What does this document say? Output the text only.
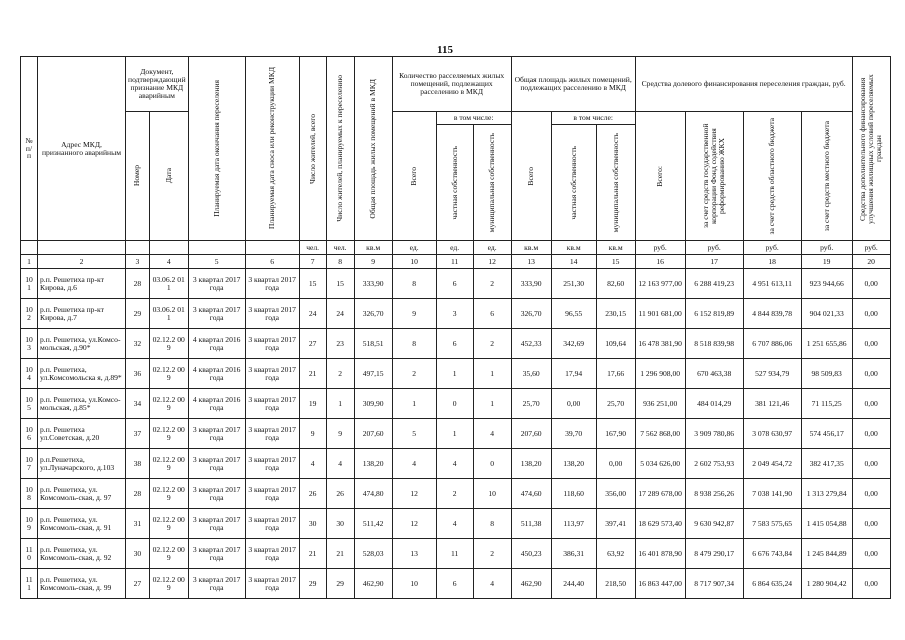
115

№ п/ п	Адрес МКД, признанного аварийным	Документ, подтверждающий признание МКД аварийным		Планируемая дата окончания переселения	Планируемая дата сноса или реконструкции МКД	Число жителей, всего	Число жителей, планируемых к переселению	Общая площадь жилых помещений в МКД	Количество расселяемых жилых помещений, подлежащих расселению в МКД			Общая площадь жилых помещений, подлежащих расселению в МКД			Средства долевого финансирования переселения граждан, руб.				Средства дополнительного финансирования улучшения жилищных условий переселяемых граждан

		Номер	Дата						Всего	в том числе:		Всего	в том числе:		Всего:	за счет средств государственной корпорации Фонд содействия реформированию ЖКХ	за счет средств областного бюджета	за счет средств местного бюджета	

										частная собственность	муниципальная собственность		частная собственность	муниципальная собственность					

						чел.	чел.	кв.м	ед.	ед.	ед.	кв.м	кв.м	кв.м	руб.	руб.	руб.	руб.	руб.
1	2	3	4	5	6	7	8	9	10	11	12	13	14	15	16	17	18	19	20
10 1	р.п. Решетиха пр-кт Кирова, д.6	28	03.06.2 011	3 квартал 2017 года	3 квартал 2017 года	15	15	333,90	8	6	2	333,90	251,30	82,60	12 163 977,00	6 288 419,23	4 951 613,11	923 944,66	0,00
10 2	р.п. Решетиха пр-кт Кирова, д.7	29	03.06.2 011	3 квартал 2017 года	3 квартал 2017 года	24	24	326,70	9	3	6	326,70	96,55	230,15	11 901 681,00	6 152 819,89	4 844 839,78	904 021,33	0,00
10 3	р.п. Решетиха, ул.Комсо-мольская, д.90*	32	02.12.2 009	4 квартал 2016 года	3 квартал 2017 года	27	23	518,51	8	6	2	452,33	342,69	109,64	16 478 381,90	8 518 839,98	6 707 886,06	1 251 655,86	0,00
10 4	р.п. Решетиха, ул.Комсомольска я, д.89*	36	02.12.2 009	4 квартал 2016 года	3 квартал 2017 года	21	2	497,15	2	1	1	35,60	17,94	17,66	1 296 908,00	670 463,38	527 934,79	98 509,83	0,00
10 5	р.п. Решетиха, ул.Комсо-мольская, д.85*	34	02.12.2 009	4 квартал 2016 года	3 квартал 2017 года	19	1	309,90	1	0	1	25,70	0,00	25,70	936 251,00	484 014,29	381 121,46	71 115,25	0,00
10 6	р.п. Решетиха ул.Советская, д.20	37	02.12.2 009	3 квартал 2017 года	3 квартал 2017 года	9	9	207,60	5	1	4	207,60	39,70	167,90	7 562 868,00	3 909 780,86	3 078 630,97	574 456,17	0,00
10 7	р.п.Решетиха, ул.Луначарского, д.103	38	02.12.2 009	3 квартал 2017 года	3 квартал 2017 года	4	4	138,20	4	4	0	138,20	138,20	0,00	5 034 626,00	2 602 753,93	2 049 454,72	382 417,35	0,00
10 8	р.п. Решетиха, ул. Комсомоль-ская, д. 97	28	02.12.2 009	3 квартал 2017 года	3 квартал 2017 года	26	26	474,80	12	2	10	474,60	118,60	356,00	17 289 678,00	8 938 256,26	7 038 141,90	1 313 279,84	0,00
10 9	р.п. Решетиха, ул. Комсомоль-ская, д. 91	31	02.12.2 009	3 квартал 2017 года	3 квартал 2017 года	30	30	511,42	12	4	8	511,38	113,97	397,41	18 629 573,40	9 630 942,87	7 583 575,65	1 415 054,88	0,00
11 0	р.п. Решетиха, ул. Комсомоль-ская, д. 92	30	02.12.2 009	3 квартал 2017 года	3 квартал 2017 года	21	21	528,03	13	11	2	450,23	386,31	63,92	16 401 878,90	8 479 290,17	6 676 743,84	1 245 844,89	0,00
11 1	р.п. Решетиха, ул. Комсомоль-ская, д. 99	27	02.12.2 009	3 квартал 2017 года	3 квартал 2017 года	29	29	462,90	10	6	4	462,90	244,40	218,50	16 863 447,00	8 717 907,34	6 864 635,24	1 280 904,42	0,00
